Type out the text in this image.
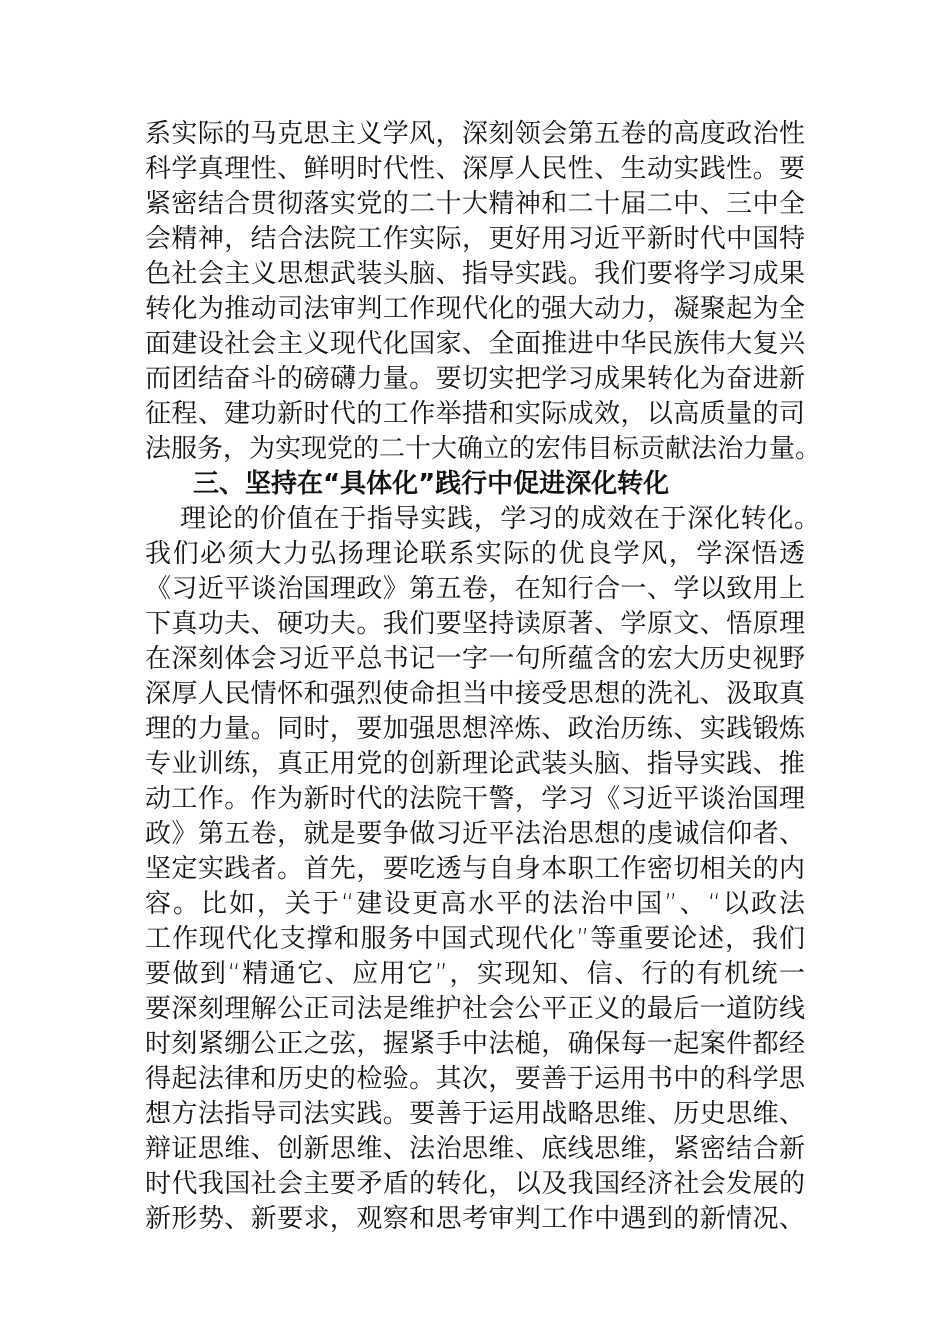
系实际的马克思主义学风，深刻领会第五卷的高度政治性
科学真理性、鲜明时代性、深厚人民性、生动实践性。要
紧密结合贯彻落实党的二十大精神和二十届二中、三中全
会精神，结合法院工作实际，更好用习近平新时代中国特
色社会主义思想武装头脑、指导实践。我们要将学习成果
转化为推动司法审判工作现代化的强大动力，凝聚起为全
面建设社会主义现代化国家、全面推进中华民族伟大复兴
而团结奋斗的磅礴力量。要切实把学习成果转化为奋进新
征程、建功新时代的工作举措和实际成效，以高质量的司
法服务，为实现党的二十大确立的宏伟目标贡献法治力量。
三、坚持在“具体化”践行中促进深化转化
理论的价值在于指导实践，学习的成效在于深化转化。
我们必须大力弘扬理论联系实际的优良学风，学深悟透
《习近平谈治国理政》第五卷，在知行合一、学以致用上
下真功夫、硬功夫。我们要坚持读原著、学原文、悟原理
在深刻体会习近平总书记一字一句所蕴含的宏大历史视野
深厚人民情怀和强烈使命担当中接受思想的洗礼、汲取真
理的力量。同时，要加强思想淬炼、政治历练、实践锻炼
专业训练，真正用党的创新理论武装头脑、指导实践、推
动工作。作为新时代的法院干警，学习《习近平谈治国理
政》第五卷，就是要争做习近平法治思想的虔诚信仰者、
坚定实践者。首先，要吃透与自身本职工作密切相关的内
容。比如，关于“建设更高水平的法治中国”、“以政法
工作现代化支撑和服务中国式现代化”等重要论述，我们
要做到“精通它、应用它”，实现知、信、行的有机统一
要深刻理解公正司法是维护社会公平正义的最后一道防线
时刻紧绷公正之弦，握紧手中法槌，确保每一起案件都经
得起法律和历史的检验。其次，要善于运用书中的科学思
想方法指导司法实践。要善于运用战略思维、历史思维、
辩证思维、创新思维、法治思维、底线思维，紧密结合新
时代我国社会主要矛盾的转化，以及我国经济社会发展的
新形势、新要求，观察和思考审判工作中遇到的新情况、
